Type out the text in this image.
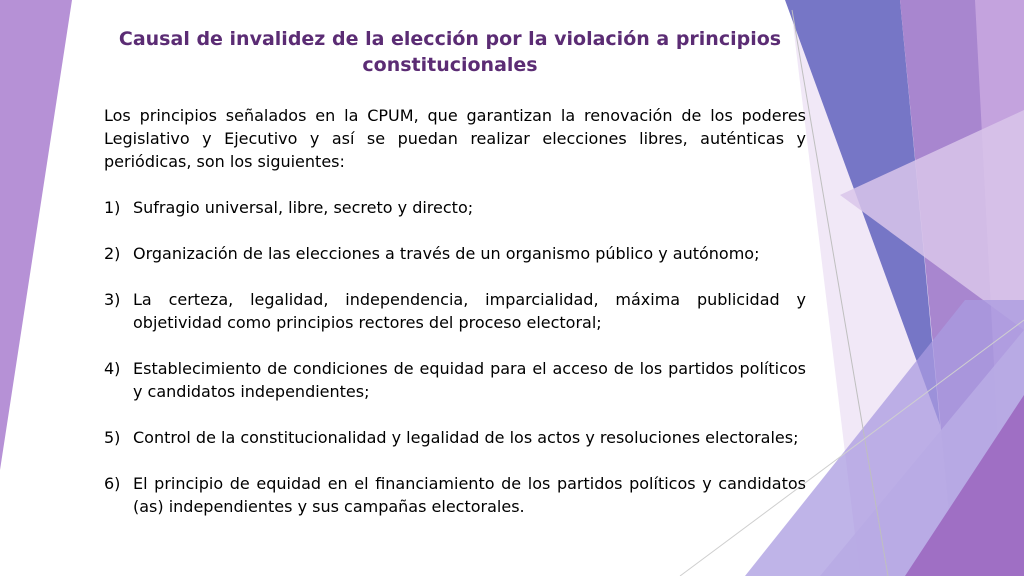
Causal de invalidez de la elección por la violación a principios constitucionales

Los principios señalados en la CPUM, que garantizan la renovación de los poderes Legislativo y Ejecutivo y así se puedan realizar elecciones libres, auténticas y periódicas, son los siguientes:

1) Sufragio universal, libre, secreto y directo;
2) Organización de las elecciones a través de un organismo público y autónomo;
3) La certeza, legalidad, independencia, imparcialidad, máxima publicidad y objetividad como principios rectores del proceso electoral;
4) Establecimiento de condiciones de equidad para el acceso de los partidos políticos y candidatos independientes;
5) Control de la constitucionalidad y legalidad de los actos y resoluciones electorales;
6) El principio de equidad en el financiamiento de los partidos políticos y candidatos (as) independientes y sus campañas electorales.
